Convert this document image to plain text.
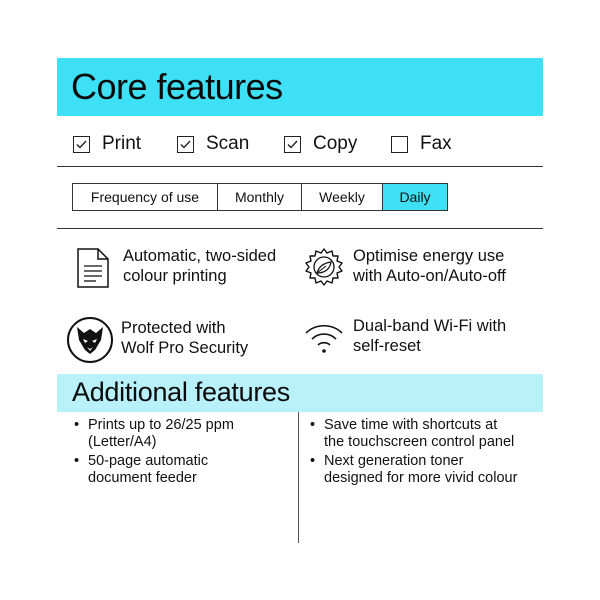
Core features
Print	Scan	Copy	Fax
Frequency of use	Monthly	Weekly	Daily
Automatic, two-sided
colour printing
Optimise energy use
with Auto-on/Auto-off
Protected with
Wolf Pro Security
Dual-band Wi-Fi with
self-reset
Additional features
• Prints up to 26/25 ppm
(Letter/A4)
• 50-page automatic
document feeder
• Save time with shortcuts at
the touchscreen control panel
• Next generation toner
designed for more vivid colour
